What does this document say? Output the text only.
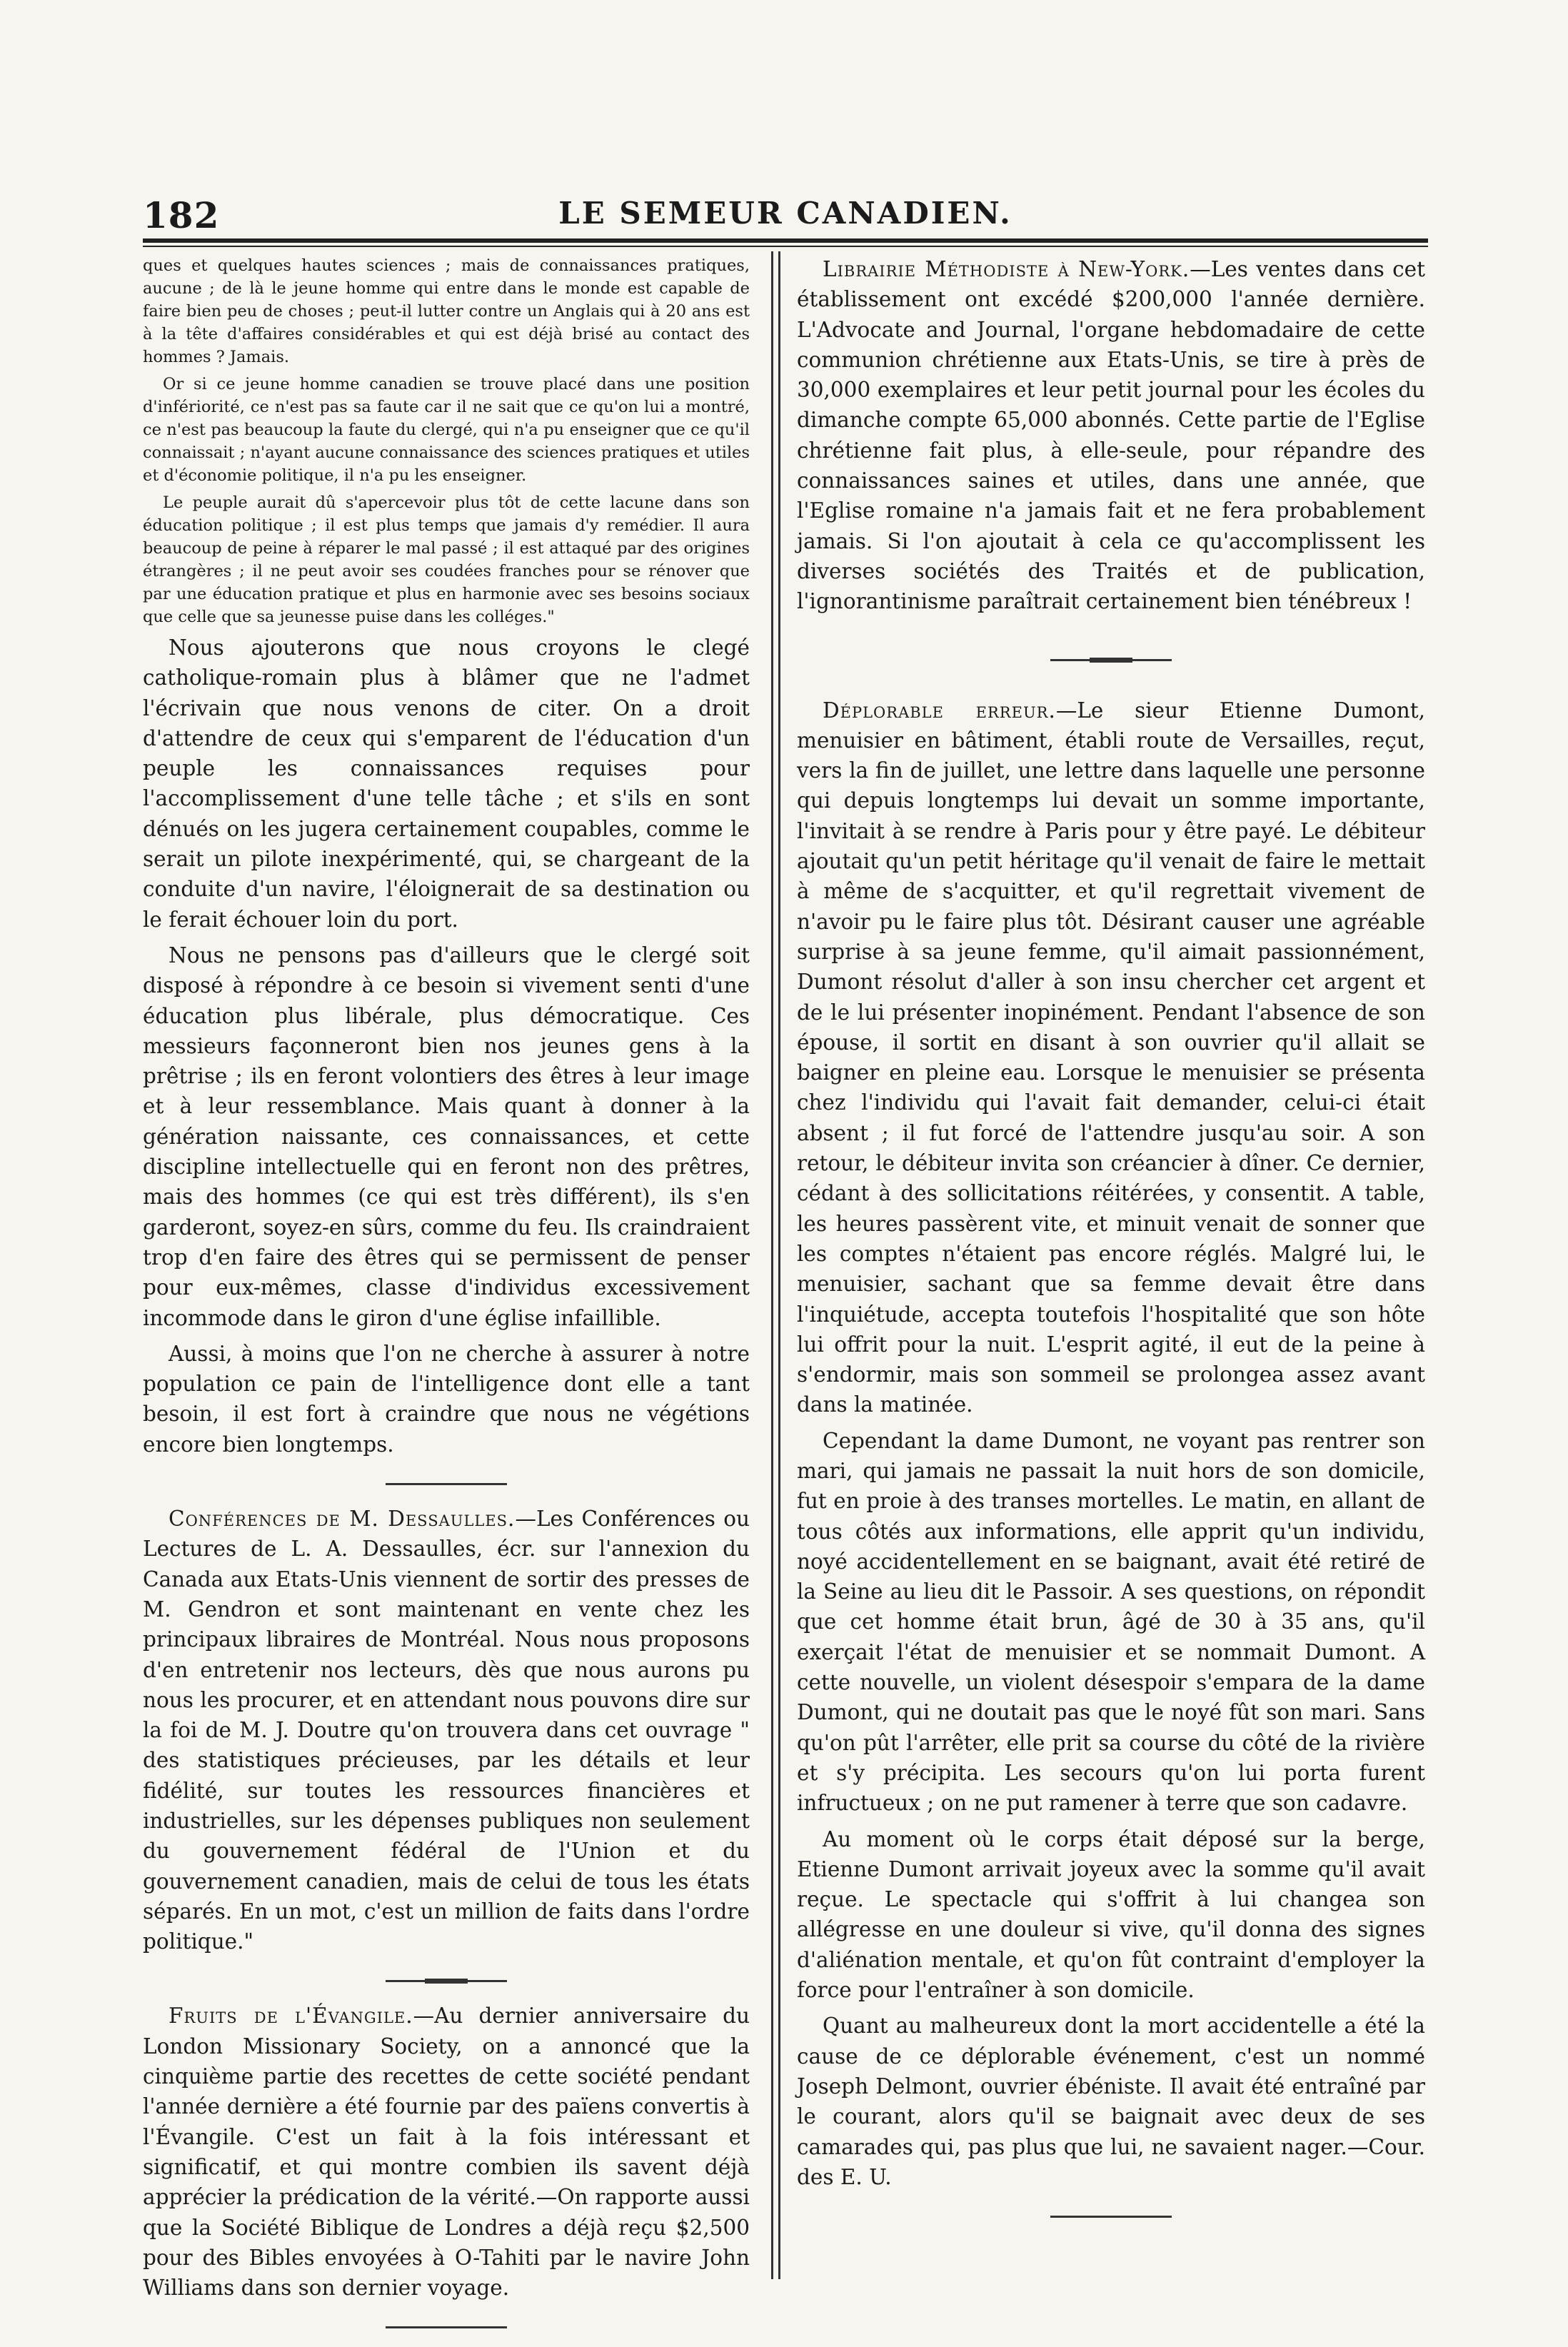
182	LE SEMEUR CANADIEN.

ques et quelques hautes sciences ; mais de connaissances pratiques, aucune ; de là le jeune homme qui entre dans le monde est capable de faire bien peu de choses ; peut-il lutter contre un Anglais qui à 20 ans est à la tête d'affaires considérables et qui est déjà brisé au contact des hommes ? Jamais.

Or si ce jeune homme canadien se trouve placé dans une position d'infériorité, ce n'est pas sa faute car il ne sait que ce qu'on lui a montré, ce n'est pas beaucoup la faute du clergé, qui n'a pu enseigner que ce qu'il connaissait ; n'ayant aucune connaissance des sciences pratiques et utiles et d'économie politique, il n'a pu les enseigner.

Le peuple aurait dû s'apercevoir plus tôt de cette lacune dans son éducation politique ; il est plus temps que jamais d'y remédier. Il aura beaucoup de peine à réparer le mal passé ; il est attaqué par des origines étrangères ; il ne peut avoir ses coudées franches pour se rénover que par une éducation pratique et plus en harmonie avec ses besoins sociaux que celle que sa jeunesse puise dans les colléges."

Nous ajouterons que nous croyons le clegé catholique-romain plus à blâmer que ne l'admet l'écrivain que nous venons de citer. On a droit d'attendre de ceux qui s'emparent de l'éducation d'un peuple les connaissances requises pour l'accomplissement d'une telle tâche ; et s'ils en sont dénués on les jugera certainement coupables, comme le serait un pilote inexpérimenté, qui, se chargeant de la conduite d'un navire, l'éloignerait de sa destination ou le ferait échouer loin du port.

Nous ne pensons pas d'ailleurs que le clergé soit disposé à répondre à ce besoin si vivement senti d'une éducation plus libérale, plus démocratique. Ces messieurs façonneront bien nos jeunes gens à la prêtrise ; ils en feront volontiers des êtres à leur image et à leur ressemblance. Mais quant à donner à la génération naissante, ces connaissances, et cette discipline intellectuelle qui en feront non des prêtres, mais des hommes (ce qui est très différent), ils s'en garderont, soyez-en sûrs, comme du feu. Ils craindraient trop d'en faire des êtres qui se permissent de penser pour eux-mêmes, classe d'individus excessivement incommode dans le giron d'une église infaillible.

Aussi, à moins que l'on ne cherche à assurer à notre population ce pain de l'intelligence dont elle a tant besoin, il est fort à craindre que nous ne végétions encore bien longtemps.

Conférences de M. Dessaulles.—Les Conférences ou Lectures de L. A. Dessaulles, écr. sur l'annexion du Canada aux Etats-Unis viennent de sortir des presses de M. Gendron et sont maintenant en vente chez les principaux libraires de Montréal. Nous nous proposons d'en entretenir nos lecteurs, dès que nous aurons pu nous les procurer, et en attendant nous pouvons dire sur la foi de M. J. Doutre qu'on trouvera dans cet ouvrage " des statistiques précieuses, par les détails et leur fidélité, sur toutes les ressources financières et industrielles, sur les dépenses publiques non seulement du gouvernement fédéral de l'Union et du gouvernement canadien, mais de celui de tous les états séparés. En un mot, c'est un million de faits dans l'ordre politique."

Fruits de l'Évangile.—Au dernier anniversaire du London Missionary Society, on a annoncé que la cinquième partie des recettes de cette société pendant l'année dernière a été fournie par des païens convertis à l'Évangile. C'est un fait à la fois intéressant et significatif, et qui montre combien ils savent déjà apprécier la prédication de la vérité.—On rapporte aussi que la Société Biblique de Londres a déjà reçu $2,500 pour des Bibles envoyées à O-Tahiti par le navire John Williams dans son dernier voyage.

Librairie Méthodiste à New-York.—Les ventes dans cet établissement ont excédé $200,000 l'année dernière. L'Advocate and Journal, l'organe hebdomadaire de cette communion chrétienne aux Etats-Unis, se tire à près de 30,000 exemplaires et leur petit journal pour les écoles du dimanche compte 65,000 abonnés. Cette partie de l'Eglise chrétienne fait plus, à elle-seule, pour répandre des connaissances saines et utiles, dans une année, que l'Eglise romaine n'a jamais fait et ne fera probablement jamais. Si l'on ajoutait à cela ce qu'accomplissent les diverses sociétés des Traités et de publication, l'ignorantinisme paraîtrait certainement bien ténébreux !

Déplorable erreur.—Le sieur Etienne Dumont, menuisier en bâtiment, établi route de Versailles, reçut, vers la fin de juillet, une lettre dans laquelle une personne qui depuis longtemps lui devait un somme importante, l'invitait à se rendre à Paris pour y être payé. Le débiteur ajoutait qu'un petit héritage qu'il venait de faire le mettait à même de s'acquitter, et qu'il regrettait vivement de n'avoir pu le faire plus tôt. Désirant causer une agréable surprise à sa jeune femme, qu'il aimait passionnément, Dumont résolut d'aller à son insu chercher cet argent et de le lui présenter inopinément. Pendant l'absence de son épouse, il sortit en disant à son ouvrier qu'il allait se baigner en pleine eau. Lorsque le menuisier se présenta chez l'individu qui l'avait fait demander, celui-ci était absent ; il fut forcé de l'attendre jusqu'au soir. A son retour, le débiteur invita son créancier à dîner. Ce dernier, cédant à des sollicitations réitérées, y consentit. A table, les heures passèrent vite, et minuit venait de sonner que les comptes n'étaient pas encore réglés. Malgré lui, le menuisier, sachant que sa femme devait être dans l'inquiétude, accepta toutefois l'hospitalité que son hôte lui offrit pour la nuit. L'esprit agité, il eut de la peine à s'endormir, mais son sommeil se prolongea assez avant dans la matinée.

Cependant la dame Dumont, ne voyant pas rentrer son mari, qui jamais ne passait la nuit hors de son domicile, fut en proie à des transes mortelles. Le matin, en allant de tous côtés aux informations, elle apprit qu'un individu, noyé accidentellement en se baignant, avait été retiré de la Seine au lieu dit le Passoir. A ses questions, on répondit que cet homme était brun, âgé de 30 à 35 ans, qu'il exerçait l'état de menuisier et se nommait Dumont. A cette nouvelle, un violent désespoir s'empara de la dame Dumont, qui ne doutait pas que le noyé fût son mari. Sans qu'on pût l'arrêter, elle prit sa course du côté de la rivière et s'y précipita. Les secours qu'on lui porta furent infructueux ; on ne put ramener à terre que son cadavre.

Au moment où le corps était déposé sur la berge, Etienne Dumont arrivait joyeux avec la somme qu'il avait reçue. Le spectacle qui s'offrit à lui changea son allégresse en une douleur si vive, qu'il donna des signes d'aliénation mentale, et qu'on fût contraint d'employer la force pour l'entraîner à son domicile.

Quant au malheureux dont la mort accidentelle a été la cause de ce déplorable événement, c'est un nommé Joseph Delmont, ouvrier ébéniste. Il avait été entraîné par le courant, alors qu'il se baignait avec deux de ses camarades qui, pas plus que lui, ne savaient nager.—Cour. des E. U.
